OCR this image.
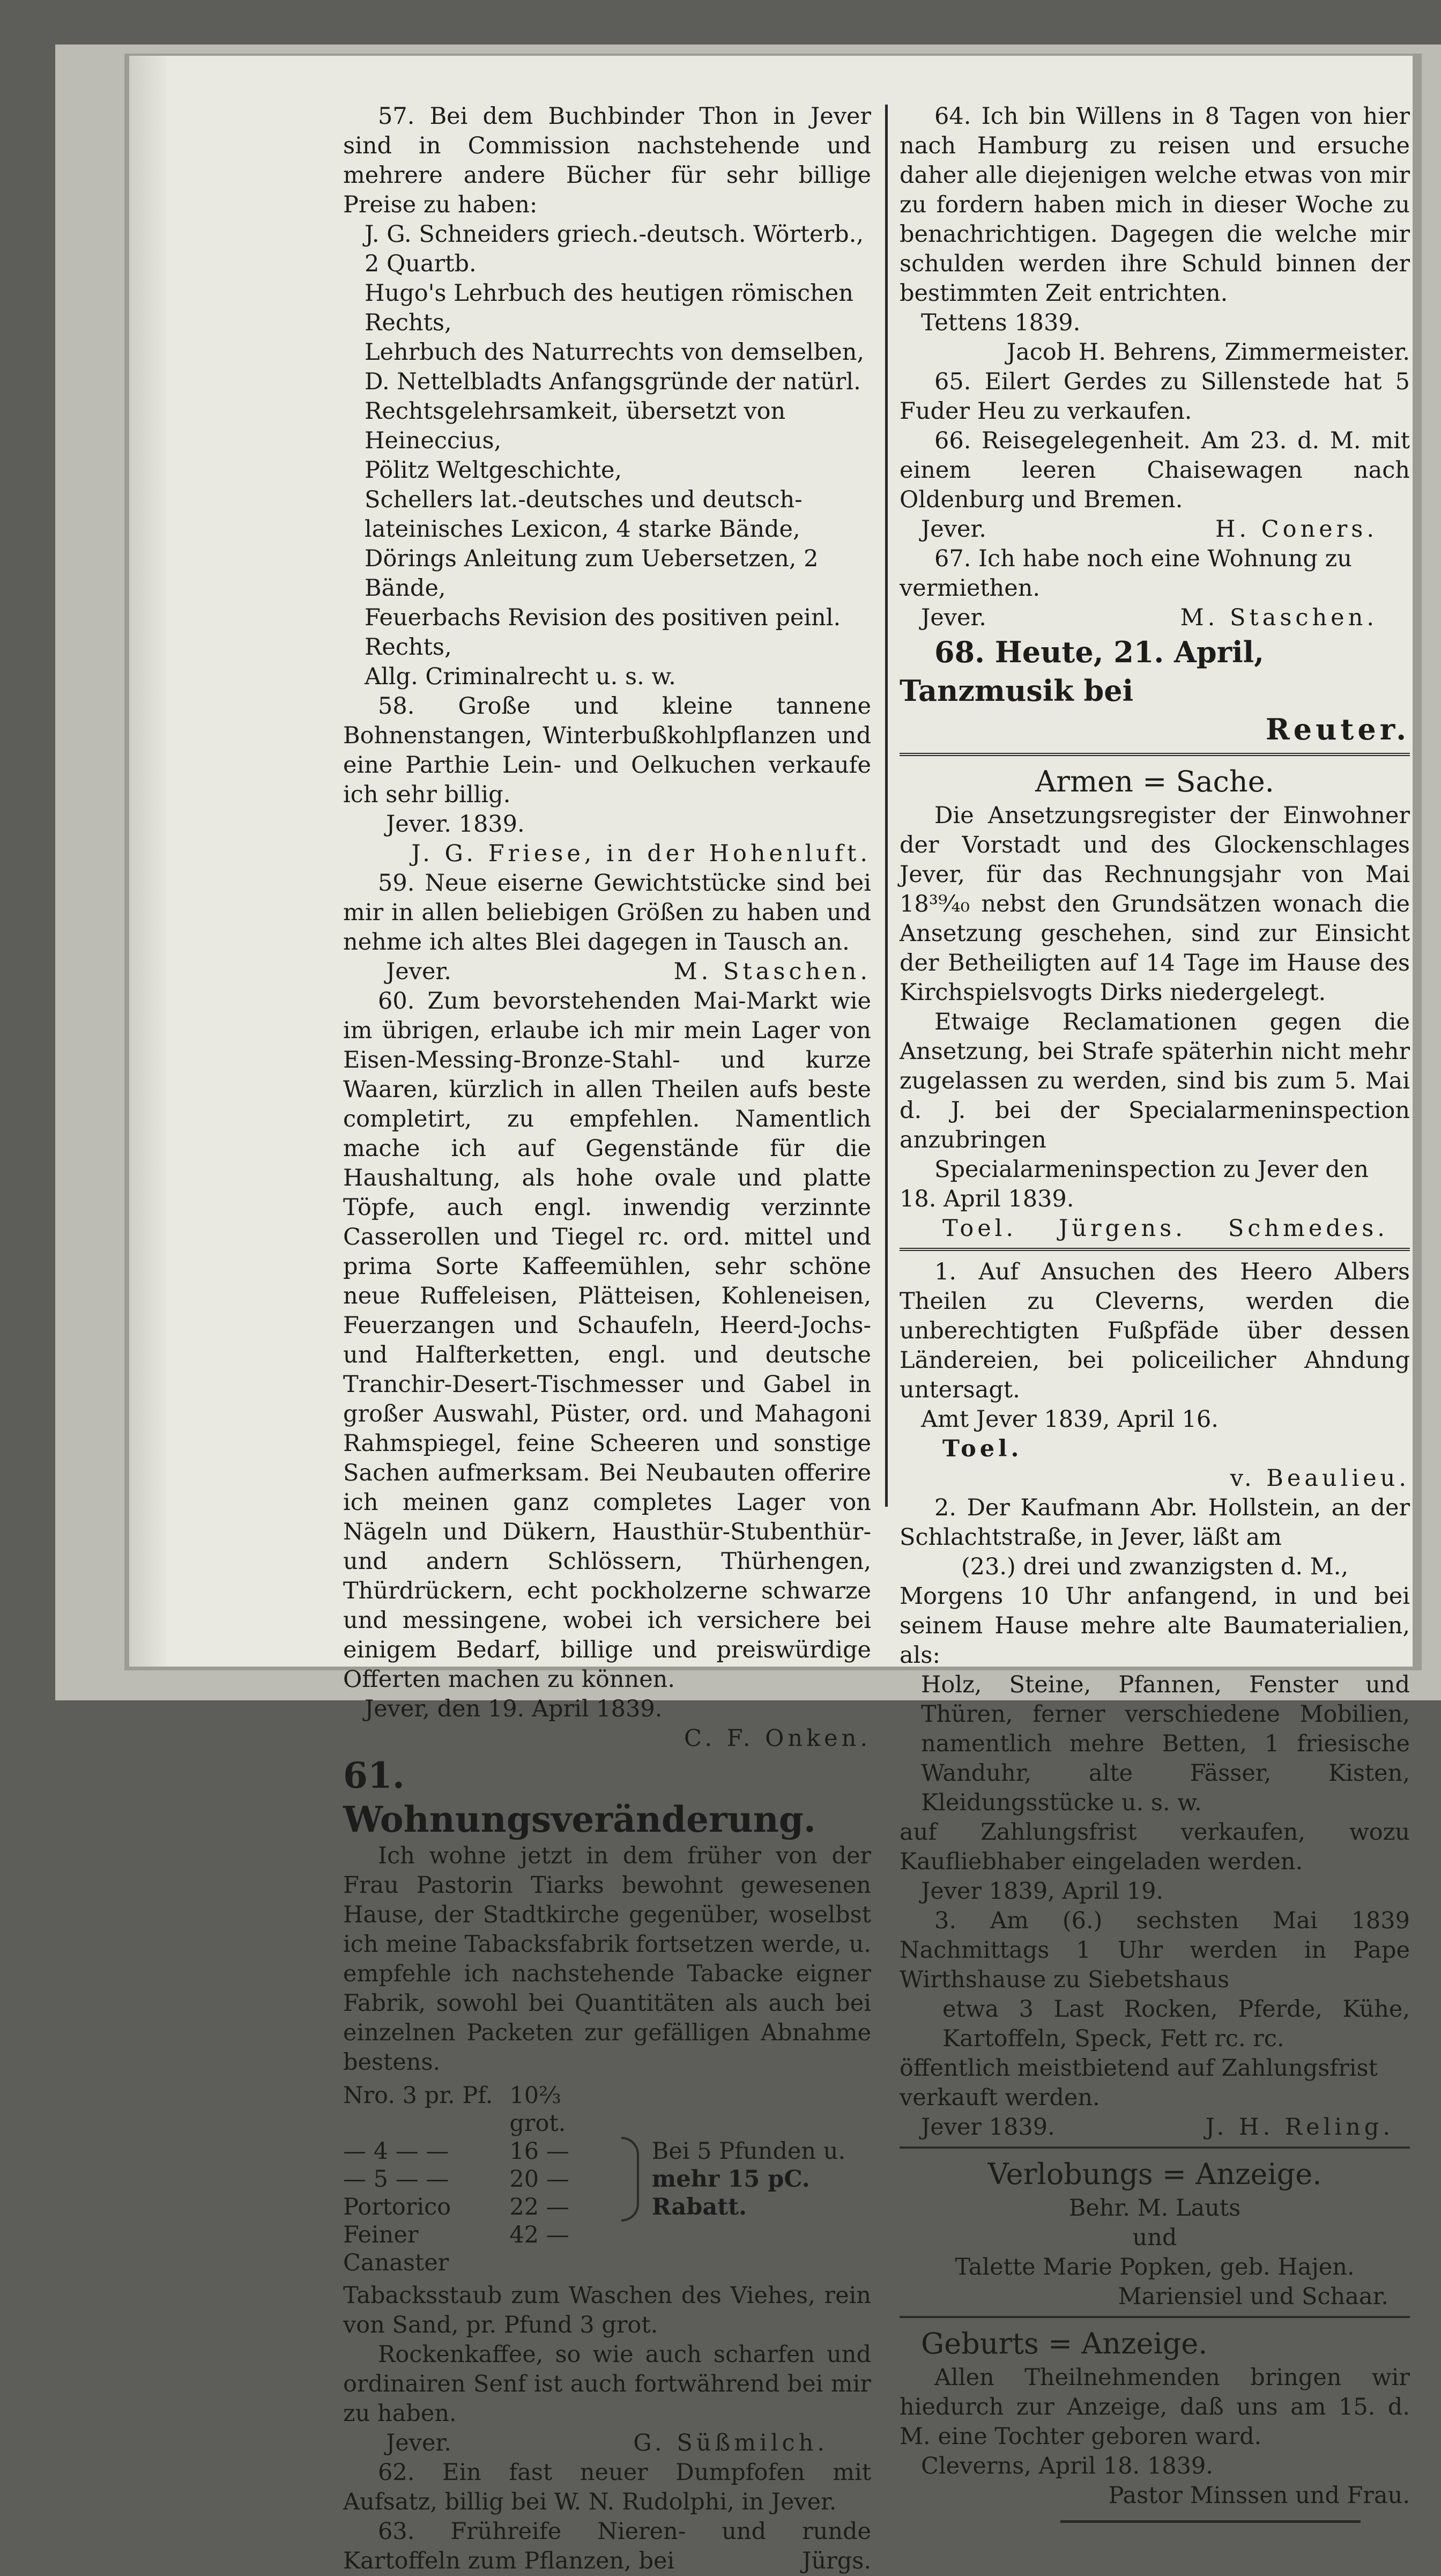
57. Bei dem Buchbinder Thon in Jever sind in Commission nachstehende und mehrere andere Bücher für sehr billige Preise zu haben:

J. G. Schneiders griech.-deutsch. Wörterb., 2 Quartb.

Hugo's Lehrbuch des heutigen römischen Rechts,

Lehrbuch des Naturrechts von demselben,

D. Nettelbladts Anfangsgründe der natürl. Rechtsgelehrsamkeit, übersetzt von Heineccius,

Pölitz Weltgeschichte,

Schellers lat.-deutsches und deutsch-lateinisches Lexicon, 4 starke Bände,

Dörings Anleitung zum Uebersetzen, 2 Bände,

Feuerbachs Revision des positiven peinl. Rechts,

Allg. Criminalrecht u. s. w.

58. Große und kleine tannene Bohnenstangen, Winterbußkohlpflanzen und eine Parthie Lein- und Oelkuchen verkaufe ich sehr billig.

Jever. 1839.

J. G. Friese, in der Hohenluft.

59. Neue eiserne Gewichtstücke sind bei mir in allen beliebigen Größen zu haben und nehme ich altes Blei dagegen in Tausch an.

Jever.	M. Staschen.

60. Zum bevorstehenden Mai-Markt wie im übrigen, erlaube ich mir mein Lager von Eisen-Messing-Bronze-Stahl- und kurze Waaren, kürzlich in allen Theilen aufs beste completirt, zu empfehlen. Namentlich mache ich auf Gegenstände für die Haushaltung, als hohe ovale und platte Töpfe, auch engl. inwendig verzinnte Casserollen und Tiegel rc. ord. mittel und prima Sorte Kaffeemühlen, sehr schöne neue Ruffeleisen, Plätteisen, Kohleneisen, Feuerzangen und Schaufeln, Heerd-Jochs- und Halfterketten, engl. und deutsche Tranchir-Desert-Tischmesser und Gabel in großer Auswahl, Püster, ord. und Mahagoni Rahmspiegel, feine Scheeren und sonstige Sachen aufmerksam. Bei Neubauten offerire ich meinen ganz completes Lager von Nägeln und Dükern, Hausthür-Stubenthür- und andern Schlössern, Thürhengen, Thürdrückern, echt pockholzerne schwarze und messingene, wobei ich versichere bei einigem Bedarf, billige und preiswürdige Offerten machen zu können.

Jever, den 19. April 1839.

C. F. Onken.

61. Wohnungsveränderung.

Ich wohne jetzt in dem früher von der Frau Pastorin Tiarks bewohnt gewesenen Hause, der Stadtkirche gegenüber, woselbst ich meine Tabacksfabrik fortsetzen werde, u. empfehle ich nachstehende Tabacke eigner Fabrik, sowohl bei Quantitäten als auch bei einzelnen Packeten zur gefälligen Abnahme bestens.

Nro. 3 pr. Pf.	10⅔ grot.
— 4 — —	16 —
— 5 — —	20 —
Portorico	22 —
Feiner Canaster	42 —
Bei 5 Pfunden u.
mehr 15 pC. Rabatt.

Tabacksstaub zum Waschen des Viehes, rein von Sand, pr. Pfund 3 grot.

Rockenkaffee, so wie auch scharfen und ordinairen Senf ist auch fortwährend bei mir zu haben.

Jever.	G. Süßmilch.

62. Ein fast neuer Dumpfofen mit Aufsatz, billig bei W. N. Rudolphi, in Jever.

63. Frühreife Nieren- und runde Kartoffeln zum Pflanzen, bei	Jürgs.

64. Ich bin Willens in 8 Tagen von hier nach Hamburg zu reisen und ersuche daher alle diejenigen welche etwas von mir zu fordern haben mich in dieser Woche zu benachrichtigen. Dagegen die welche mir schulden werden ihre Schuld binnen der bestimmten Zeit entrichten.

Tettens 1839.

Jacob H. Behrens, Zimmermeister.

65. Eilert Gerdes zu Sillenstede hat 5 Fuder Heu zu verkaufen.

66. Reisegelegenheit. Am 23. d. M. mit einem leeren Chaisewagen nach Oldenburg und Bremen.

Jever.	H. Coners.

67. Ich habe noch eine Wohnung zu vermiethen.

Jever.	M. Staschen.

68. Heute, 21. April, Tanzmusik bei

Reuter.

Armen = Sache.

Die Ansetzungsregister der Einwohner der Vorstadt und des Glockenschlages Jever, für das Rechnungsjahr von Mai 18³⁹⁄₄₀ nebst den Grundsätzen wonach die Ansetzung geschehen, sind zur Einsicht der Betheiligten auf 14 Tage im Hause des Kirchspielsvogts Dirks niedergelegt.

Etwaige Reclamationen gegen die Ansetzung, bei Strafe späterhin nicht mehr zugelassen zu werden, sind bis zum 5. Mai d. J. bei der Specialarmeninspection anzubringen

Specialarmeninspection zu Jever den 18. April 1839.

Toel. Jürgens. Schmedes.

1. Auf Ansuchen des Heero Albers Theilen zu Cleverns, werden die unberechtigten Fußpfäde über dessen Ländereien, bei policeilicher Ahndung untersagt.

Amt Jever 1839, April 16.

Toel.

v. Beaulieu.

2. Der Kaufmann Abr. Hollstein, an der Schlachtstraße, in Jever, läßt am

(23.) drei und zwanzigsten d. M.,

Morgens 10 Uhr anfangend, in und bei seinem Hause mehre alte Baumaterialien, als:

Holz, Steine, Pfannen, Fenster und Thüren, ferner verschiedene Mobilien, namentlich mehre Betten, 1 friesische Wanduhr, alte Fässer, Kisten, Kleidungsstücke u. s. w.

auf Zahlungsfrist verkaufen, wozu Kaufliebhaber eingeladen werden.

Jever 1839, April 19.

3. Am (6.) sechsten Mai 1839 Nachmittags 1 Uhr werden in Pape Wirthshause zu Siebetshaus

etwa 3 Last Rocken, Pferde, Kühe, Kartoffeln, Speck, Fett rc. rc.

öffentlich meistbietend auf Zahlungsfrist verkauft werden.

Jever 1839.	J. H. Reling.

Verlobungs = Anzeige.

Behr. M. Lauts

und

Talette Marie Popken, geb. Hajen.

Mariensiel und Schaar.

Geburts = Anzeige.

Allen Theilnehmenden bringen wir hiedurch zur Anzeige, daß uns am 15. d. M. eine Tochter geboren ward.

Cleverns, April 18. 1839.

Pastor Minssen und Frau.
